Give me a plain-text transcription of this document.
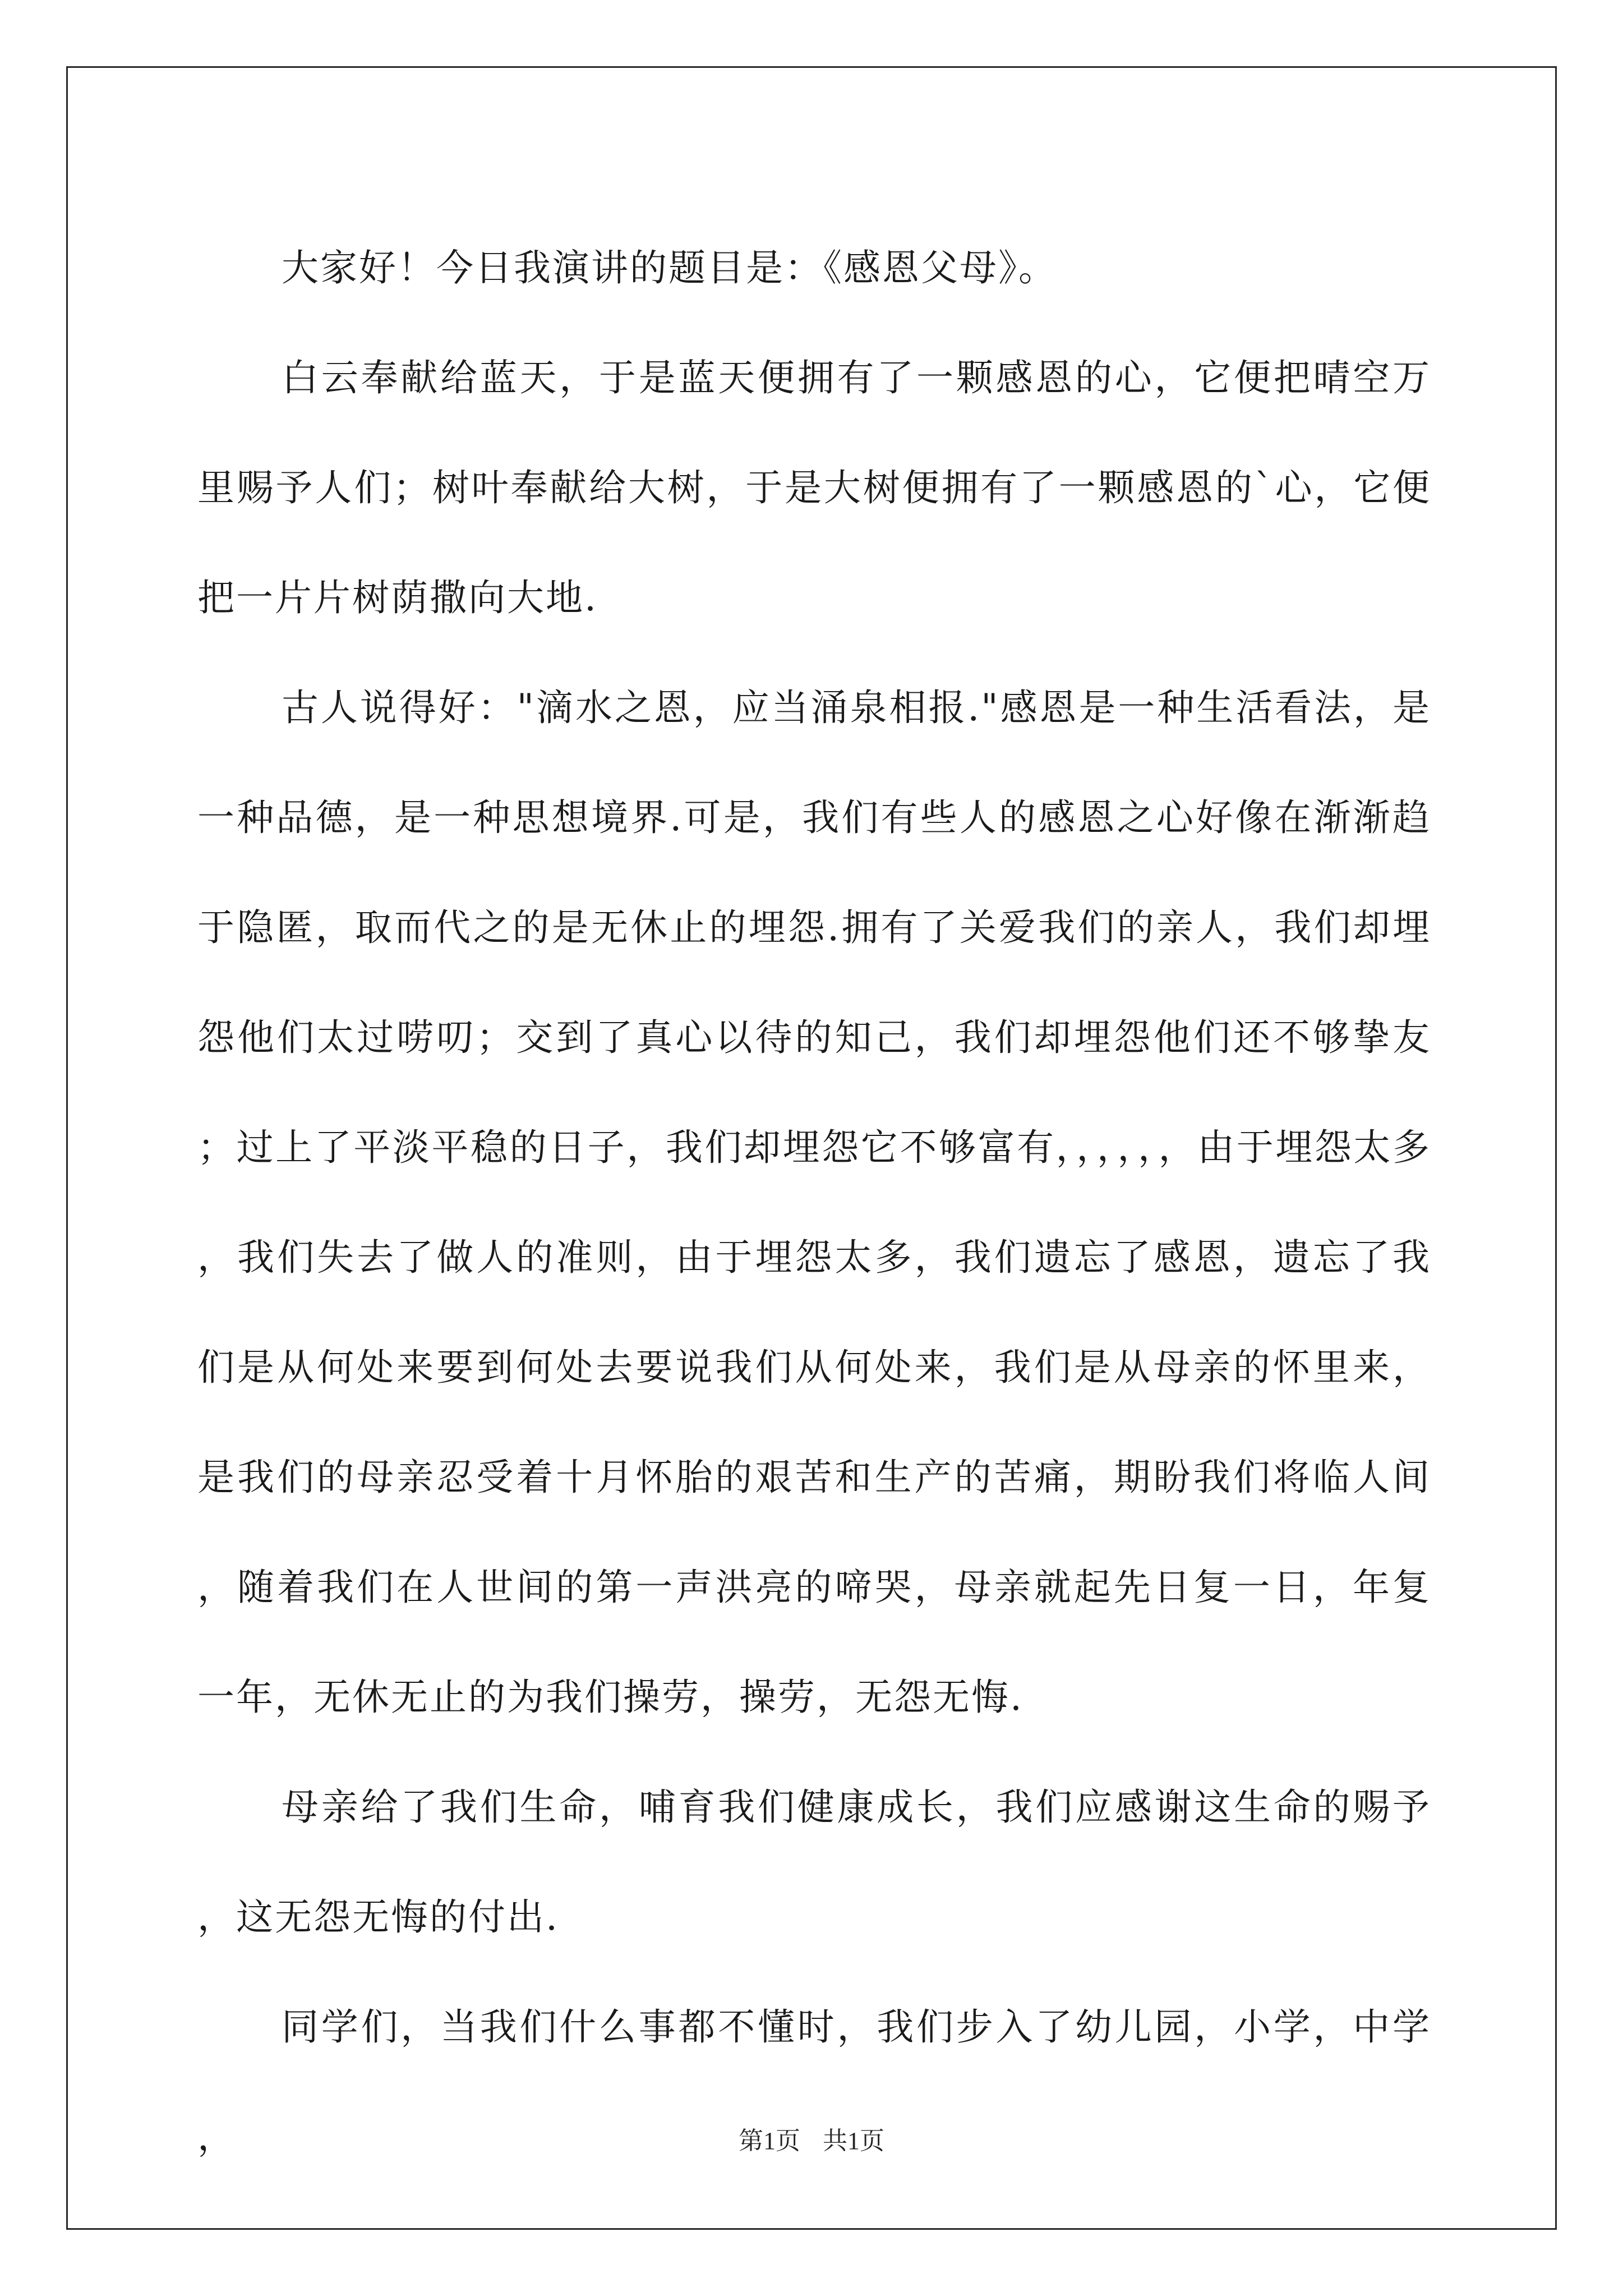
大家好！今日我演讲的题目是：《感恩父母》。

白云奉献给蓝天，于是蓝天便拥有了一颗感恩的心，它便把晴空万里赐予人们；树叶奉献给大树，于是大树便拥有了一颗感恩的`心，它便把一片片树荫撒向大地.

古人说得好："滴水之恩，应当涌泉相报."感恩是一种生活看法，是一种品德，是一种思想境界.可是，我们有些人的感恩之心好像在渐渐趋于隐匿，取而代之的是无休止的埋怨.拥有了关爱我们的亲人，我们却埋怨他们太过唠叨；交到了真心以待的知己，我们却埋怨他们还不够挚友；过上了平淡平稳的日子，我们却埋怨它不够富有，，，，，，由于埋怨太多，我们失去了做人的准则，由于埋怨太多，我们遗忘了感恩，遗忘了我们是从何处来要到何处去要说我们从何处来，我们是从母亲的怀里来，是我们的母亲忍受着十月怀胎的艰苦和生产的苦痛，期盼我们将临人间，随着我们在人世间的第一声洪亮的啼哭，母亲就起先日复一日，年复一年，无休无止的为我们操劳，操劳，无怨无悔.

母亲给了我们生命，哺育我们健康成长，我们应感谢这生命的赐予，这无怨无悔的付出.

同学们，当我们什么事都不懂时，我们步入了幼儿园，小学，中学，	第1页 共1页
